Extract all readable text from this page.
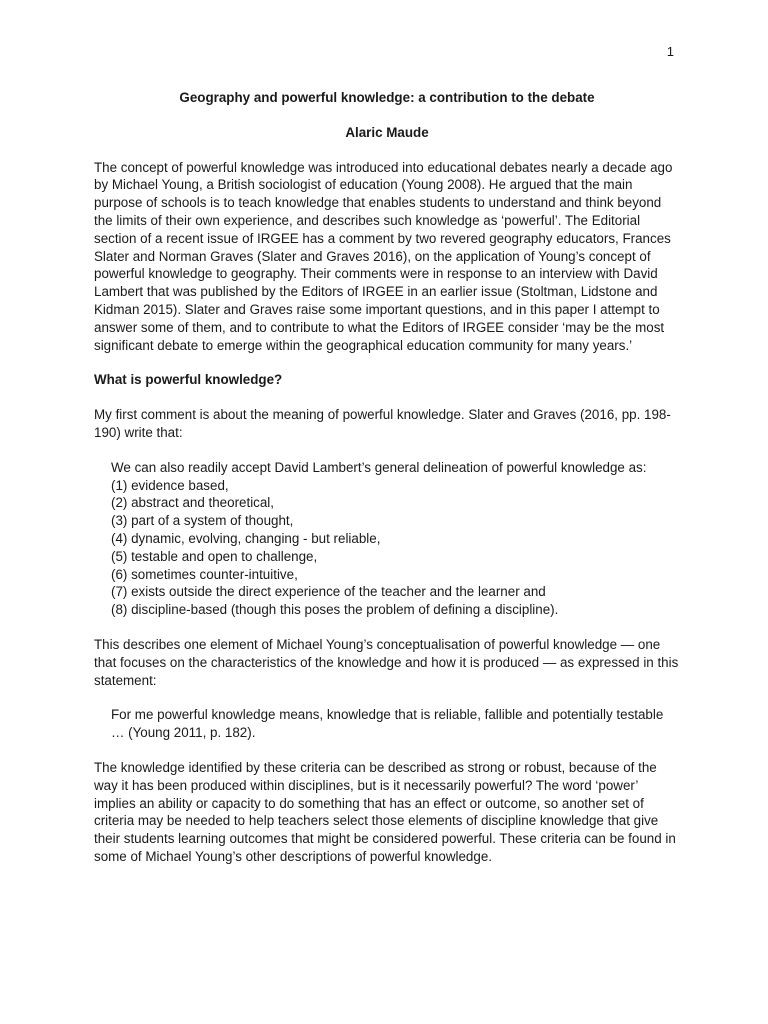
1

Geography and powerful knowledge: a contribution to the debate

Alaric Maude

The concept of powerful knowledge was introduced into educational debates nearly a decade ago by Michael Young, a British sociologist of education (Young 2008). He argued that the main purpose of schools is to teach knowledge that enables students to understand and think beyond the limits of their own experience, and describes such knowledge as ‘powerful’. The Editorial section of a recent issue of IRGEE has a comment by two revered geography educators, Frances Slater and Norman Graves (Slater and Graves 2016), on the application of Young’s concept of powerful knowledge to geography. Their comments were in response to an interview with David Lambert that was published by the Editors of IRGEE in an earlier issue (Stoltman, Lidstone and Kidman 2015). Slater and Graves raise some important questions, and in this paper I attempt to answer some of them, and to contribute to what the Editors of IRGEE consider ‘may be the most significant debate to emerge within the geographical education community for many years.’

What is powerful knowledge?

My first comment is about the meaning of powerful knowledge. Slater and Graves (2016, pp. 198-190) write that:

We can also readily accept David Lambert’s general delineation of powerful knowledge as:

(1) evidence based,
(2) abstract and theoretical,
(3) part of a system of thought,
(4) dynamic, evolving, changing - but reliable,
(5) testable and open to challenge,
(6) sometimes counter-intuitive,
(7) exists outside the direct experience of the teacher and the learner and
(8) discipline-based (though this poses the problem of defining a discipline).

This describes one element of Michael Young’s conceptualisation of powerful knowledge — one that focuses on the characteristics of the knowledge and how it is produced — as expressed in this statement:

For me powerful knowledge means, knowledge that is reliable, fallible and potentially testable … (Young 2011, p. 182).

The knowledge identified by these criteria can be described as strong or robust, because of the way it has been produced within disciplines, but is it necessarily powerful? The word ‘power’ implies an ability or capacity to do something that has an effect or outcome, so another set of criteria may be needed to help teachers select those elements of discipline knowledge that give their students learning outcomes that might be considered powerful. These criteria can be found in some of Michael Young’s other descriptions of powerful knowledge.
